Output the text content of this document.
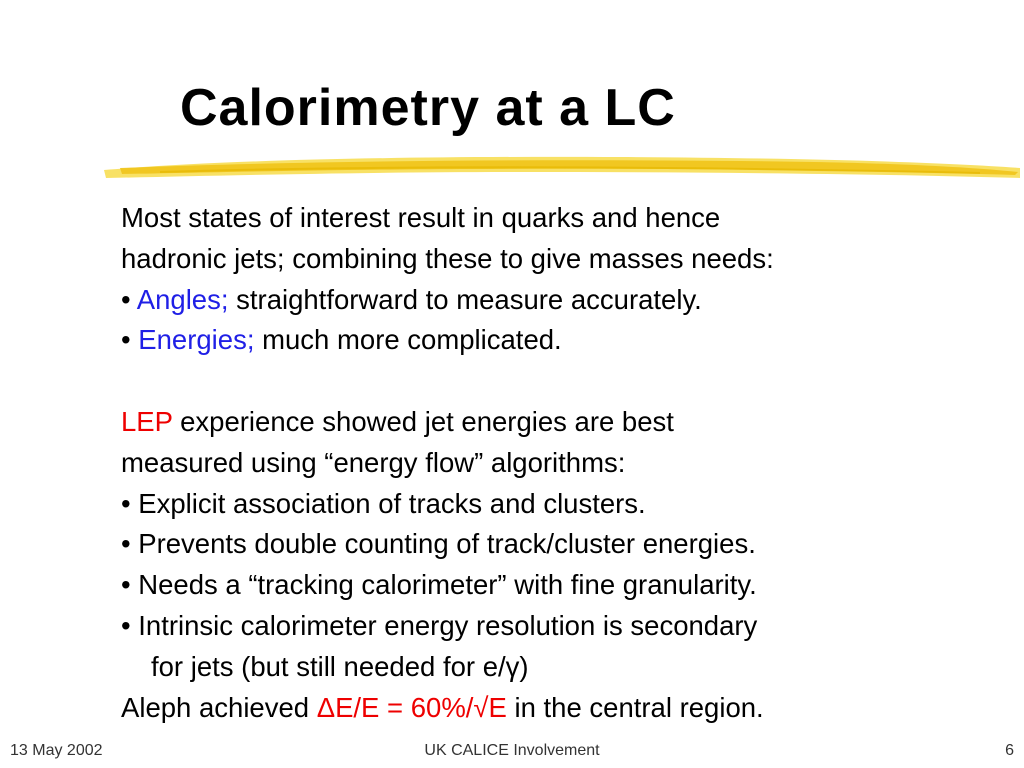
Calorimetry at a LC
Most states of interest result in quarks and hence
hadronic jets; combining these to give masses needs:
• Angles; straightforward to measure accurately.
• Energies; much more complicated.
LEP experience showed jet energies are best
measured using “energy flow” algorithms:
• Explicit association of tracks and clusters.
• Prevents double counting of track/cluster energies.
• Needs a “tracking calorimeter” with fine granularity.
• Intrinsic calorimeter energy resolution is secondary
for jets (but still needed for e/γ)
Aleph achieved ΔE/E = 60%/√E in the central region.
13 May 2002	UK CALICE Involvement	6
